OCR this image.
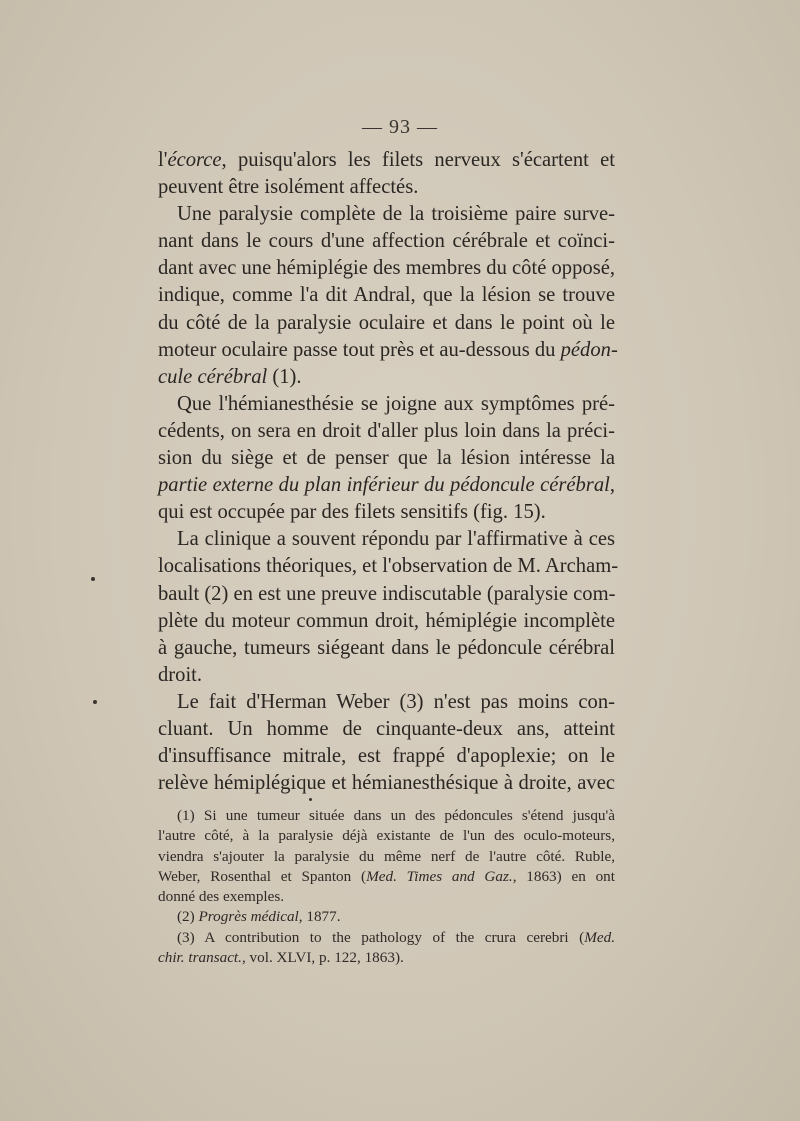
— 93 —
l'écorce, puisqu'alors les filets nerveux s'écartent et
peuvent être isolément affectés.
Une paralysie complète de la troisième paire surve-
nant dans le cours d'une affection cérébrale et coïnci-
dant avec une hémiplégie des membres du côté opposé,
indique, comme l'a dit Andral, que la lésion se trouve
du côté de la paralysie oculaire et dans le point où le
moteur oculaire passe tout près et au-dessous du pédon-
cule cérébral (1).
Que l'hémianesthésie se joigne aux symptômes pré-
cédents, on sera en droit d'aller plus loin dans la préci-
sion du siège et de penser que la lésion intéresse la
partie externe du plan inférieur du pédoncule cérébral,
qui est occupée par des filets sensitifs (fig. 15).
La clinique a souvent répondu par l'affirmative à ces
localisations théoriques, et l'observation de M. Archam-
bault (2) en est une preuve indiscutable (paralysie com-
plète du moteur commun droit, hémiplégie incomplète
à gauche, tumeurs siégeant dans le pédoncule cérébral
droit.
Le fait d'Herman Weber (3) n'est pas moins con-
cluant. Un homme de cinquante-deux ans, atteint
d'insuffisance mitrale, est frappé d'apoplexie; on le
relève hémiplégique et hémianesthésique à droite, avec
(1) Si une tumeur située dans un des pédoncules s'étend jusqu'à
l'autre côté, à la paralysie déjà existante de l'un des oculo-moteurs,
viendra s'ajouter la paralysie du même nerf de l'autre côté. Ruble,
Weber, Rosenthal et Spanton (Med. Times and Gaz., 1863) en ont
donné des exemples.
(2) Progrès médical, 1877.
(3) A contribution to the pathology of the crura cerebri (Med.
chir. transact., vol. XLVI, p. 122, 1863).
